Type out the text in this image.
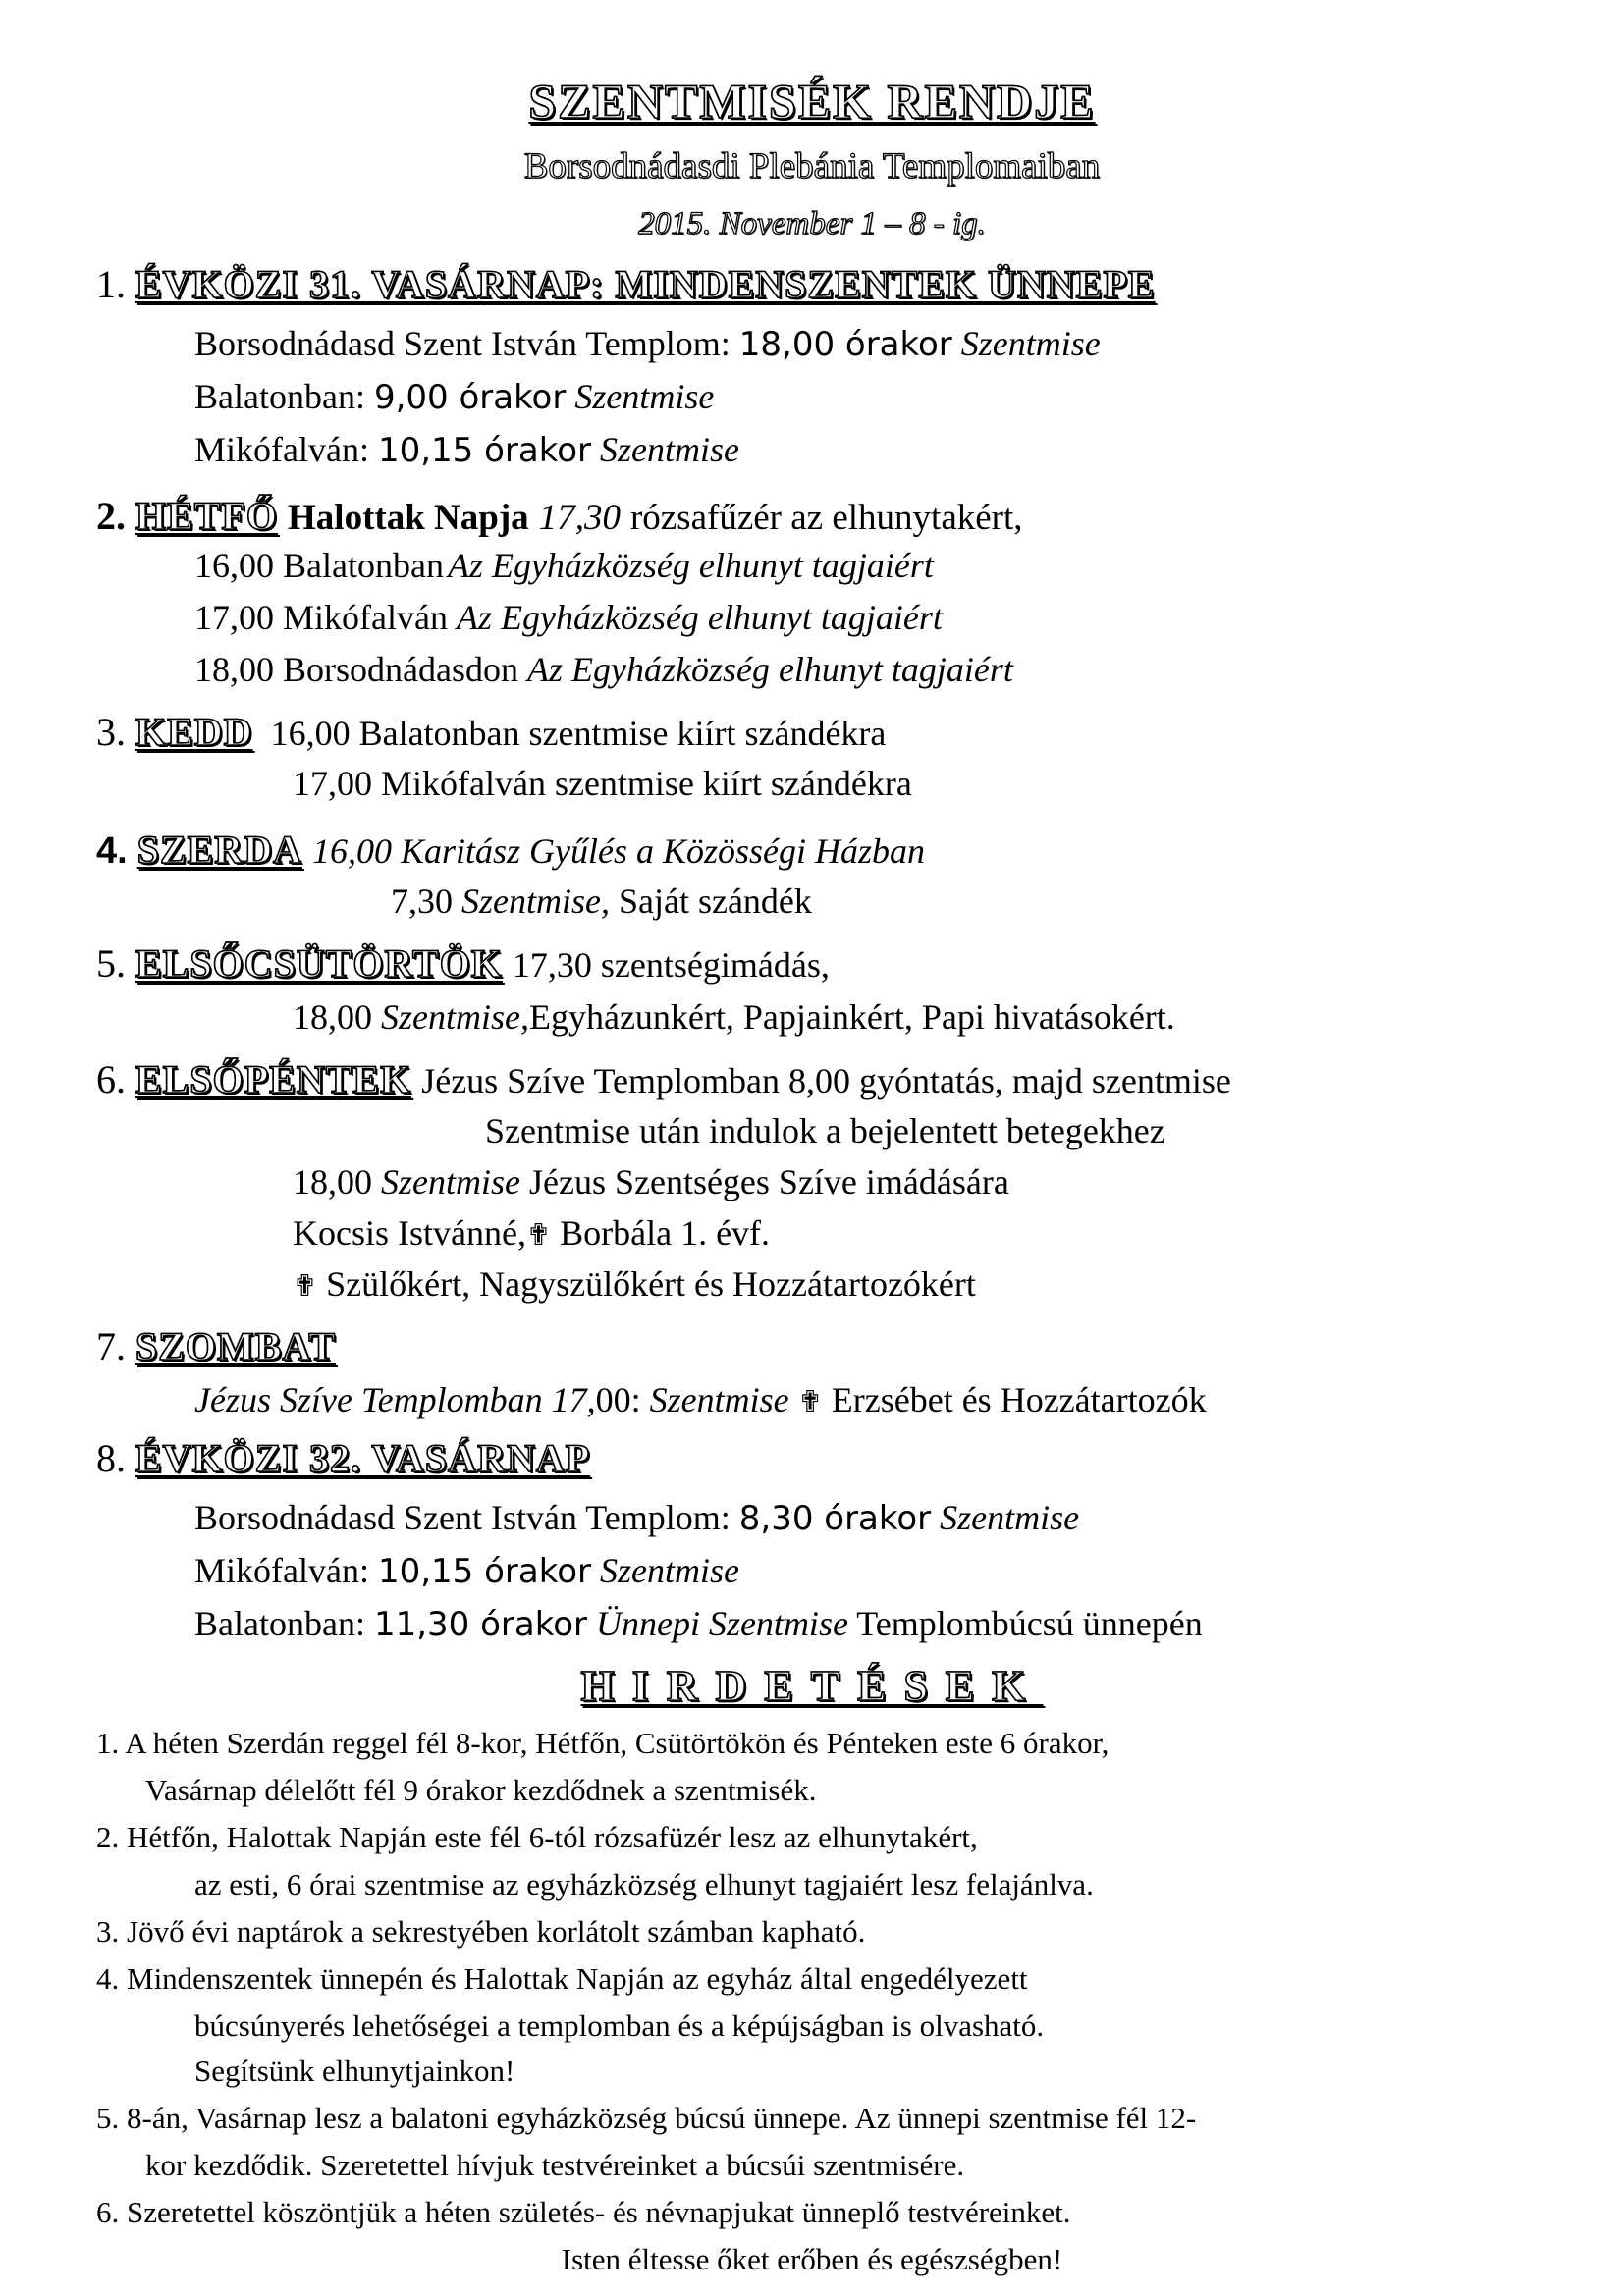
SZENTMISÉK RENDJE
Borsodnádasdi Plebánia Templomaiban
2015. November 1 – 8 - ig.
1. ÉVKÖZI 31. VASÁRNAP: MINDENSZENTEK ÜNNEPE
Borsodnádasd Szent István Templom: 18,00 órakor Szentmise
Balatonban: 9,00 órakor Szentmise
Mikófalván: 10,15 órakor Szentmise
2. HÉTFŐ Halottak Napja 17,30 rózsafűzér az elhunytakért,
16,00 Balatonban Az Egyházközség elhunyt tagjaiért
17,00 Mikófalván Az Egyházközség elhunyt tagjaiért
18,00 Borsodnádasdon Az Egyházközség elhunyt tagjaiért
3. KEDD 16,00 Balatonban szentmise kiírt szándékra
17,00 Mikófalván szentmise kiírt szándékra
4. SZERDA 16,00 Karitász Gyűlés a Közösségi Házban
7,30 Szentmise, Saját szándék
5. ELSŐCSÜTÖRTÖK 17,30 szentségimádás,
18,00 Szentmise,Egyházunkért, Papjainkért, Papi hivatásokért.
6. ELSŐPÉNTEK Jézus Szíve Templomban 8,00 gyóntatás, majd szentmise
Szentmise után indulok a bejelentett betegekhez
18,00 Szentmise Jézus Szentséges Szíve imádására
Kocsis Istvánné,✟ Borbála 1. évf.
✟ Szülőkért, Nagyszülőkért és Hozzátartozókért
7. SZOMBAT
Jézus Szíve Templomban 17,00: Szentmise ✟ Erzsébet és Hozzátartozók
8. ÉVKÖZI 32. VASÁRNAP
Borsodnádasd Szent István Templom: 8,30 órakor Szentmise
Mikófalván: 10,15 órakor Szentmise
Balatonban: 11,30 órakor Ünnepi Szentmise Templombúcsú ünnepén
HIRDETÉSEK
1. A héten Szerdán reggel fél 8-kor, Hétfőn, Csütörtökön és Pénteken este 6 órakor,
Vasárnap délelőtt fél 9 órakor kezdődnek a szentmisék.
2. Hétfőn, Halottak Napján este fél 6-tól rózsafüzér lesz az elhunytakért,
az esti, 6 órai szentmise az egyházközség elhunyt tagjaiért lesz felajánlva.
3. Jövő évi naptárok a sekrestyében korlátolt számban kapható.
4. Mindenszentek ünnepén és Halottak Napján az egyház által engedélyezett
búcsúnyerés lehetőségei a templomban és a képújságban is olvasható.
Segítsünk elhunytjainkon!
5. 8-án, Vasárnap lesz a balatoni egyházközség búcsú ünnepe. Az ünnepi szentmise fél 12-
kor kezdődik. Szeretettel hívjuk testvéreinket a búcsúi szentmisére.
6. Szeretettel köszöntjük a héten születés- és névnapjukat ünneplő testvéreinket.
Isten éltesse őket erőben és egészségben!
